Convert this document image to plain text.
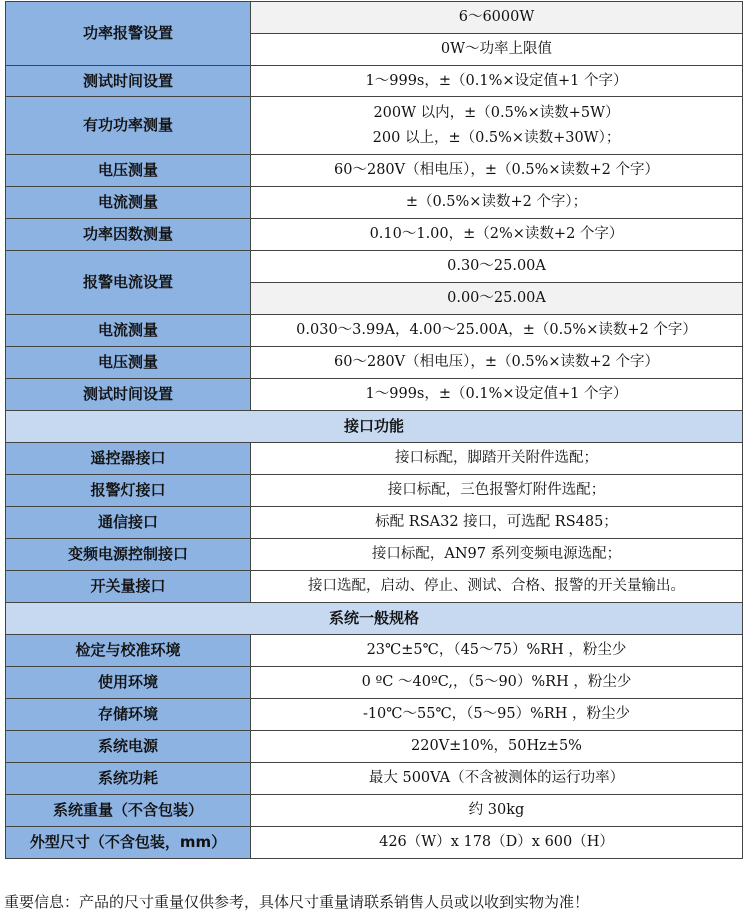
功率报警设置	6～6000W
	0W～功率上限值
测试时间设置	1～999s，±（0.1%×设定值+1 个字）
有功功率测量	200W 以内，±（0.5%×读数+5W）
200 以上，±（0.5%×读数+30W）；

电压测量	60～280V（相电压），±（0.5%×读数+2 个字）
电流测量	±（0.5%×读数+2 个字）；
功率因数测量	0.10～1.00，±（2%×读数+2 个字）
报警电流设置	0.30～25.00A
	0.00～25.00A
电流测量	0.030～3.99A，4.00～25.00A，±（0.5%×读数+2 个字）
电压测量	60～280V（相电压），±（0.5%×读数+2 个字）
测试时间设置	1～999s，±（0.1%×设定值+1 个字）
接口功能	
遥控器接口	接口标配，脚踏开关附件选配；
报警灯接口	接口标配，三色报警灯附件选配；
通信接口	标配 RSA32 接口，可选配 RS485；
变频电源控制接口	接口标配，AN97 系列变频电源选配；
开关量接口	接口选配，启动、停止、测试、合格、报警的开关量输出。
系统一般规格	
检定与校准环境	23℃±5℃，（45～75）%RH ，粉尘少
使用环境	0 ºC ～40ºC,，（5～90）%RH ，粉尘少
存储环境	-10℃～55℃，（5～95）%RH ，粉尘少
系统电源	220V±10%，50Hz±5%
系统功耗	最大 500VA（不含被测体的运行功率）
系统重量（不含包装）	约 30kg
外型尺寸（不含包装，mm）	426（W）x 178（D）x 600（H）
重要信息：产品的尺寸重量仅供参考，具体尺寸重量请联系销售人员或以收到实物为准！
